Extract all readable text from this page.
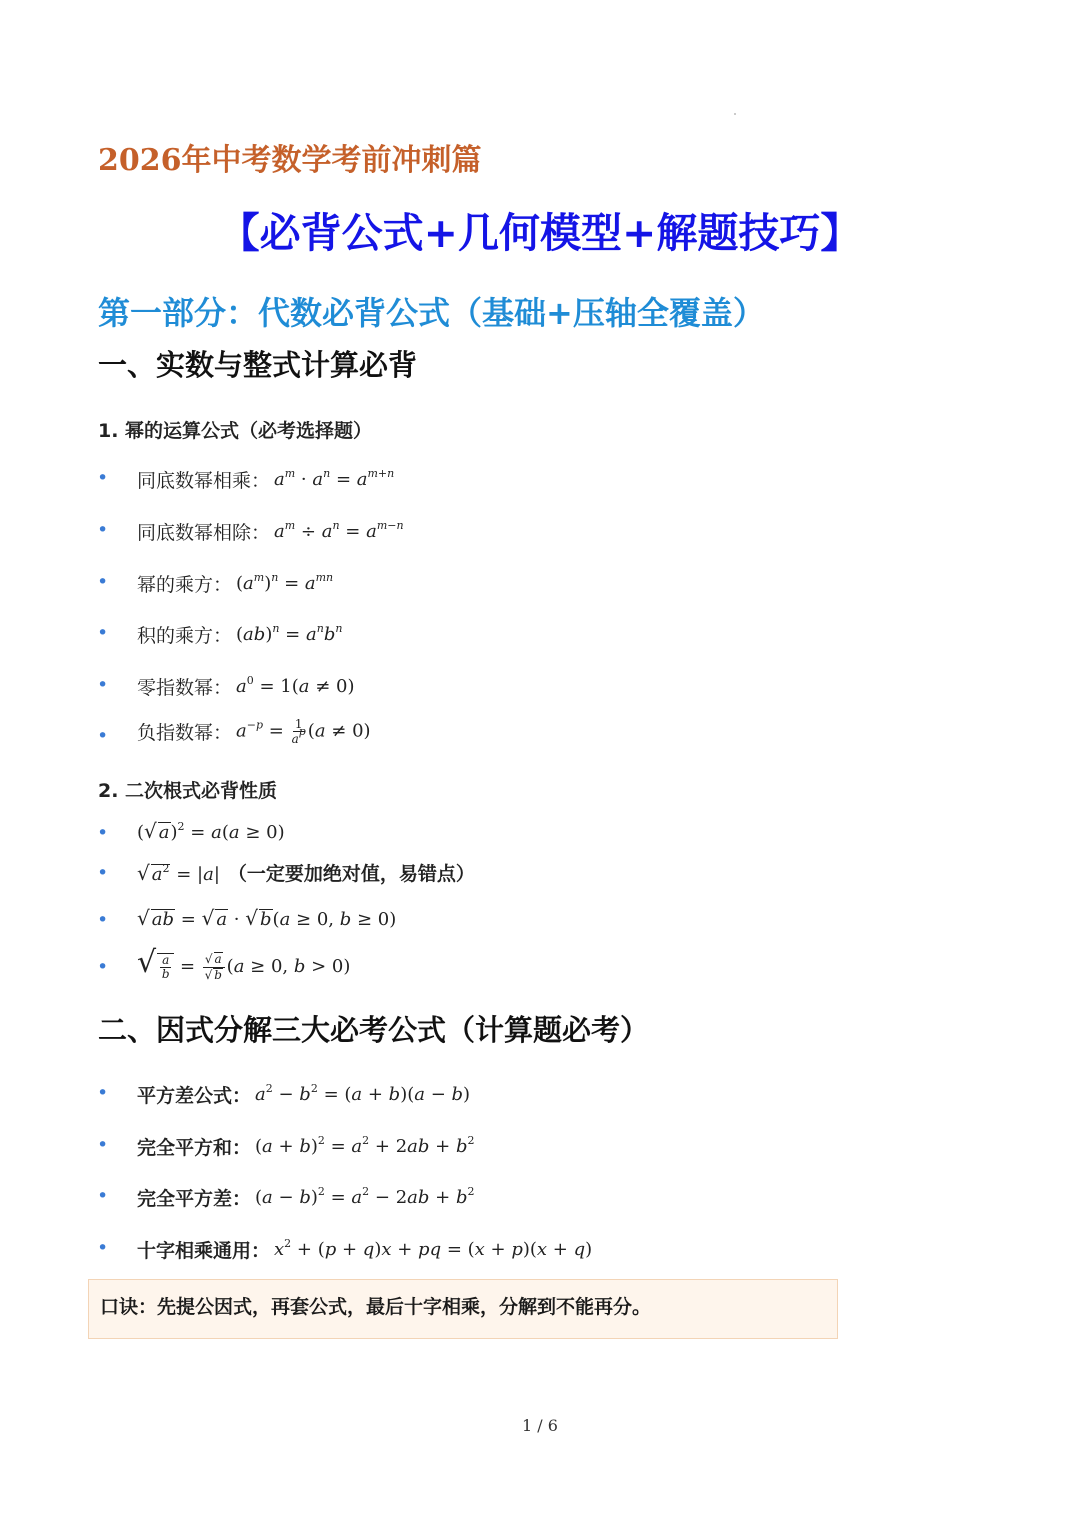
2026年中考数学考前冲刺篇
【必背公式+几何模型+解题技巧】
第一部分：代数必背公式（基础+压轴全覆盖）
一、实数与整式计算必背
1. 幂的运算公式（必考选择题）
• 同底数幂相乘： $a^m \cdot a^n = a^{m+n}$
• 同底数幂相除： $a^m \div a^n = a^{m-n}$
• 幂的乘方： $(a^m)^n = a^{mn}$
• 积的乘方： $(ab)^n = a^nb^n$
• 零指数幂： $a^0 = 1(a \ne 0)$
• 负指数幂： $a^{-p} = \frac{1}{a^p} (a \ne 0)$
2. 二次根式必背性质
• (√ a)$^2$ = a(a ≥ 0)
• √ $a^2 = |a|$ （一定要加绝对值，易错点）
• √ ab = √ a · √ b(a ≥ 0, b ≥ 0)
• √ $\frac{a}{b} = \frac{√ a}{√ b} (a \ge 0$, b > 0)
二、因式分解三大必考公式（计算题必考）
• 平方差公式： $a^2 - b^2 = (a + b)(a - b)$
• 完全平方和： $(a + b)^2 = a^2 + 2ab + b^2$
• 完全平方差： $(a - b)^2 = a^2 - 2ab + b^2$
• 十字相乘通用： $x^2 + (p + q)x$ + pq = (x + p)(x + q)
口诀：先提公因式，再套公式，最后十字相乘，分解到不能再分。
1 / 6
